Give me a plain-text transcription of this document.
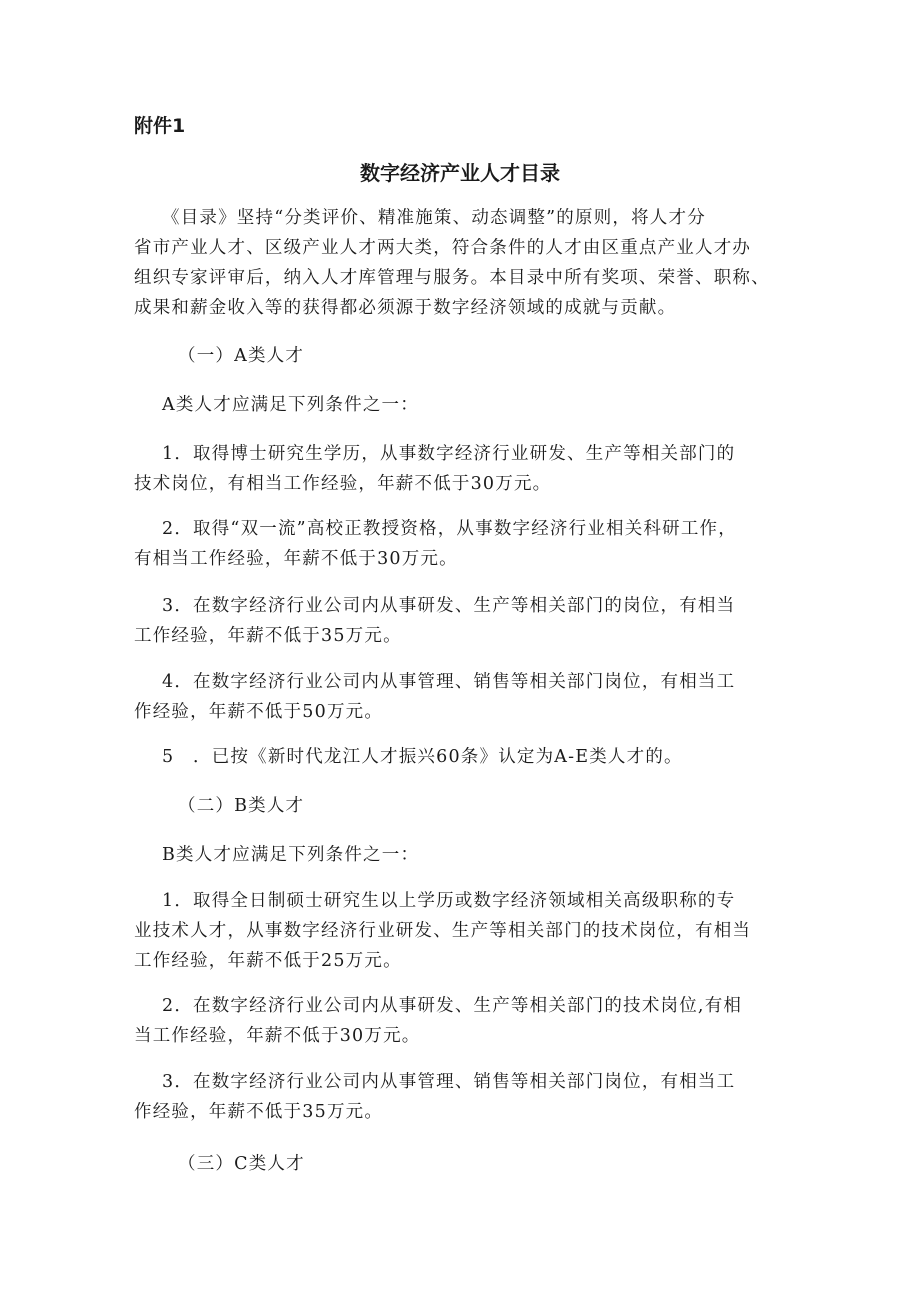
附件1
数字经济产业人才目录
《目录》坚持“分类评价、精准施策、动态调整”的原则，将人才分
省市产业人才、区级产业人才两大类，符合条件的人才由区重点产业人才办
组织专家评审后，纳入人才库管理与服务。本目录中所有奖项、荣誉、职称、
成果和薪金收入等的获得都必须源于数字经济领域的成就与贡献。
（一）A类人才
A类人才应满足下列条件之一：
1．取得博士研究生学历，从事数字经济行业研发、生产等相关部门的
技术岗位，有相当工作经验，年薪不低于30万元。
2．取得“双一流”高校正教授资格，从事数字经济行业相关科研工作，
有相当工作经验，年薪不低于30万元。
3．在数字经济行业公司内从事研发、生产等相关部门的岗位，有相当
工作经验，年薪不低于35万元。
4．在数字经济行业公司内从事管理、销售等相关部门岗位，有相当工
作经验，年薪不低于50万元。
5　．已按《新时代龙江人才振兴60条》认定为A-E类人才的。
（二）B类人才
B类人才应满足下列条件之一：
1．取得全日制硕士研究生以上学历或数字经济领域相关高级职称的专
业技术人才，从事数字经济行业研发、生产等相关部门的技术岗位，有相当
工作经验，年薪不低于25万元。
2．在数字经济行业公司内从事研发、生产等相关部门的技术岗位,有相
当工作经验，年薪不低于30万元。
3．在数字经济行业公司内从事管理、销售等相关部门岗位，有相当工
作经验，年薪不低于35万元。
（三）C类人才
